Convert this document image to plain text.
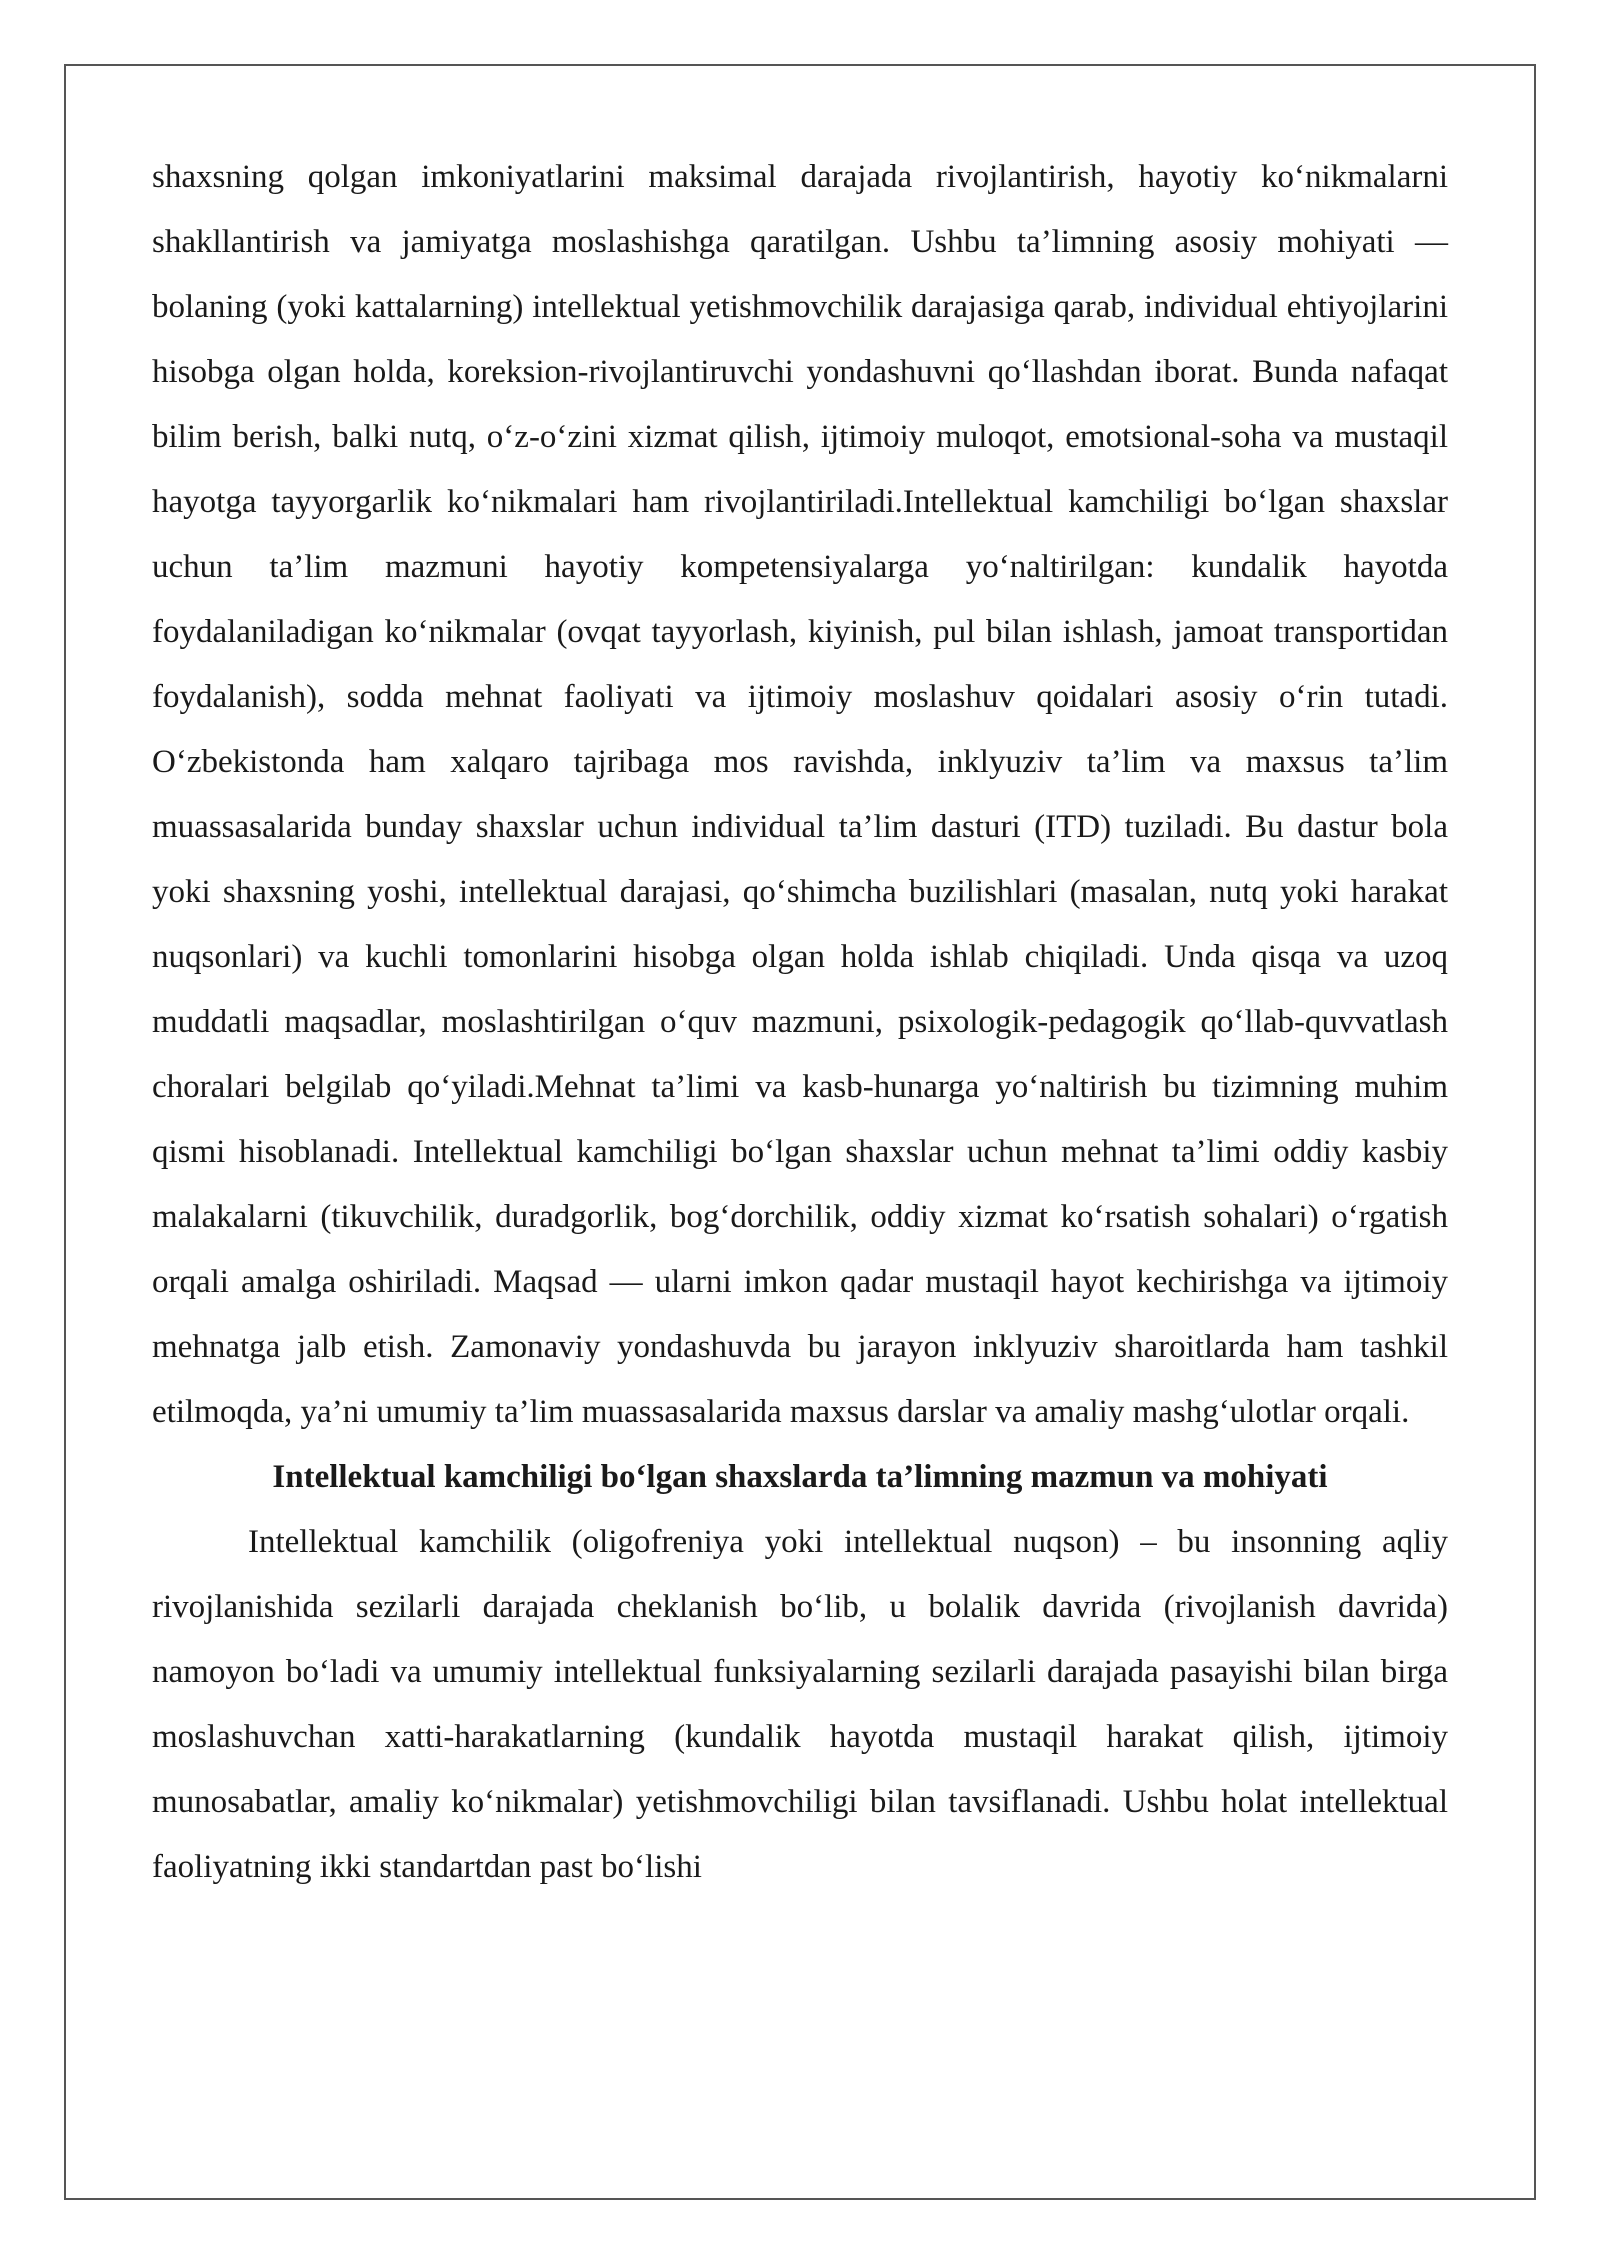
shaxsning qolgan imkoniyatlarini maksimal darajada rivojlantirish, hayotiy ko‘nikmalarni shakllantirish va jamiyatga moslashishga qaratilgan. Ushbu ta’limning asosiy mohiyati — bolaning (yoki kattalarning) intellektual yetishmovchilik darajasiga qarab, individual ehtiyojlarini hisobga olgan holda, koreksion-rivojlantiruvchi yondashuvni qo‘llashdan iborat. Bunda nafaqat bilim berish, balki nutq, o‘z-o‘zini xizmat qilish, ijtimoiy muloqot, emotsional-soha va mustaqil hayotga tayyorgarlik ko‘nikmalari ham rivojlantiriladi.Intellektual kamchiligi bo‘lgan shaxslar uchun ta’lim mazmuni hayotiy kompetensiyalarga yo‘naltirilgan: kundalik hayotda foydalaniladigan ko‘nikmalar (ovqat tayyorlash, kiyinish, pul bilan ishlash, jamoat transportidan foydalanish), sodda mehnat faoliyati va ijtimoiy moslashuv qoidalari asosiy o‘rin tutadi. O‘zbekistonda ham xalqaro tajribaga mos ravishda, inklyuziv ta’lim va maxsus ta’lim muassasalarida bunday shaxslar uchun individual ta’lim dasturi (ITD) tuziladi. Bu dastur bola yoki shaxsning yoshi, intellektual darajasi, qo‘shimcha buzilishlari (masalan, nutq yoki harakat nuqsonlari) va kuchli tomonlarini hisobga olgan holda ishlab chiqiladi. Unda qisqa va uzoq muddatli maqsadlar, moslashtirilgan o‘quv mazmuni, psixologik-pedagogik qo‘llab-quvvatlash choralari belgilab qo‘yiladi.Mehnat ta’limi va kasb-hunarga yo‘naltirish bu tizimning muhim qismi hisoblanadi. Intellektual kamchiligi bo‘lgan shaxslar uchun mehnat ta’limi oddiy kasbiy malakalarni (tikuvchilik, duradgorlik, bog‘dorchilik, oddiy xizmat ko‘rsatish sohalari) o‘rgatish orqali amalga oshiriladi. Maqsad — ularni imkon qadar mustaqil hayot kechirishga va ijtimoiy mehnatga jalb etish. Zamonaviy yondashuvda bu jarayon inklyuziv sharoitlarda ham tashkil etilmoqda, ya’ni umumiy ta’lim muassasalarida maxsus darslar va amaliy mashg‘ulotlar orqali.

Intellektual kamchiligi bo‘lgan shaxslarda ta’limning mazmun va mohiyati

Intellektual kamchilik (oligofreniya yoki intellektual nuqson) – bu insonning aqliy rivojlanishida sezilarli darajada cheklanish bo‘lib, u bolalik davrida (rivojlanish davrida) namoyon bo‘ladi va umumiy intellektual funksiyalarning sezilarli darajada pasayishi bilan birga moslashuvchan xatti-harakatlarning (kundalik hayotda mustaqil harakat qilish, ijtimoiy munosabatlar, amaliy ko‘nikmalar) yetishmovchiligi bilan tavsiflanadi. Ushbu holat intellektual faoliyatning ikki standartdan past bo‘lishi
